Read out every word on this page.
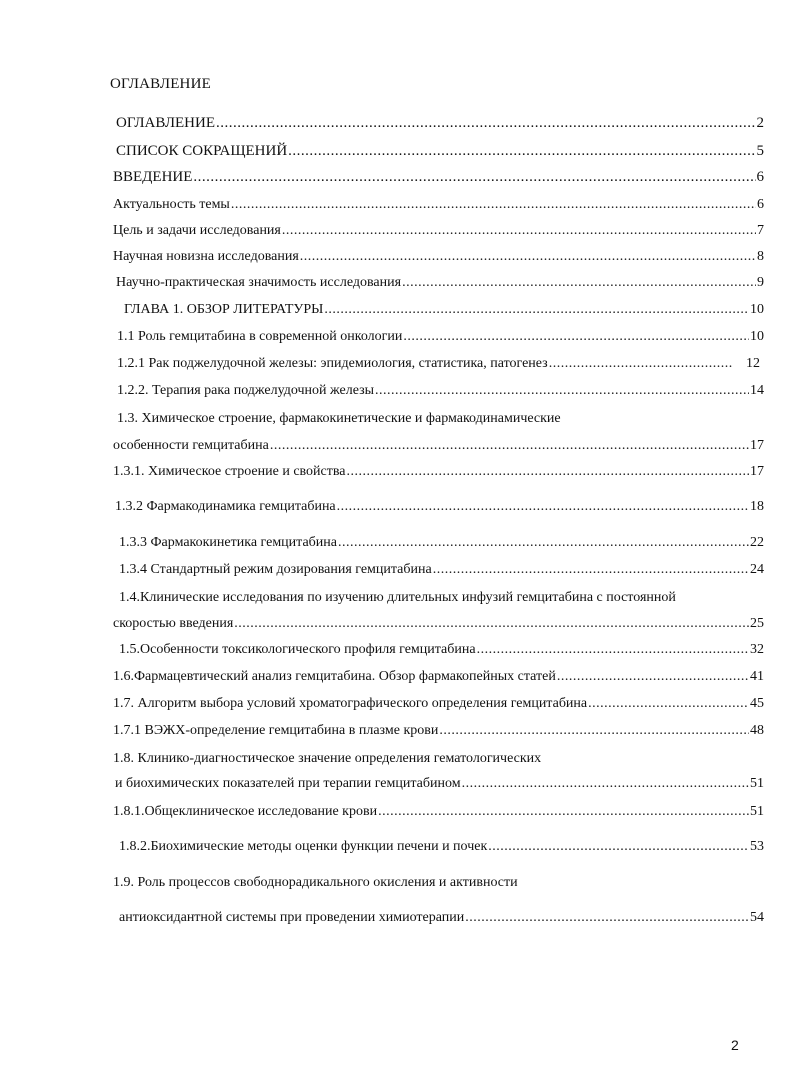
ОГЛАВЛЕНИЕ
ОГЛАВЛЕНИЕ .....	2
СПИСОК СОКРАЩЕНИЙ .....	5
ВВЕДЕНИЕ .....	6
Актуальность темы .....	6
Цель и задачи исследования .....	7
Научная новизна исследования .....	8
Научно-практическая значимость исследования .....	9
ГЛАВА 1. ОБЗОР ЛИТЕРАТУРЫ .....	10
1.1 Роль гемцитабина в современной онкологии .....	10
1.2.1 Рак поджелудочной железы: эпидемиология, статистика, патогенез .....	12
1.2.2. Терапия рака поджелудочной железы .....	14
1.3. Химическое строение, фармакокинетические и фармакодинамические
особенности гемцитабина .....	17
1.3.1. Химическое строение и свойства .....	17
1.3.2 Фармакодинамика гемцитабина .....	18
1.3.3 Фармакокинетика гемцитабина .....	22
1.3.4 Стандартный режим дозирования гемцитабина .....	24
1.4.Клинические исследования по изучению длительных инфузий гемцитабина с постоянной
скоростью введения .....	25
1.5.Особенности токсикологического профиля гемцитабина .....	32
1.6.Фармацевтический анализ гемцитабина. Обзор фармакопейных статей .....	41
1.7. Алгоритм выбора условий хроматографического определения гемцитабина .....	45
1.7.1 ВЭЖХ-определение гемцитабина в плазме крови .....	48
1.8. Клинико-диагностическое значение определения гематологических
и биохимических показателей при терапии гемцитабином .....	51
1.8.1.Общеклиническое исследование крови .....	51
1.8.2.Биохимические методы оценки функции печени и почек .....	53
1.9. Роль процессов свободнорадикального окисления и активности
антиоксидантной системы при проведении химиотерапии .....	54
2
